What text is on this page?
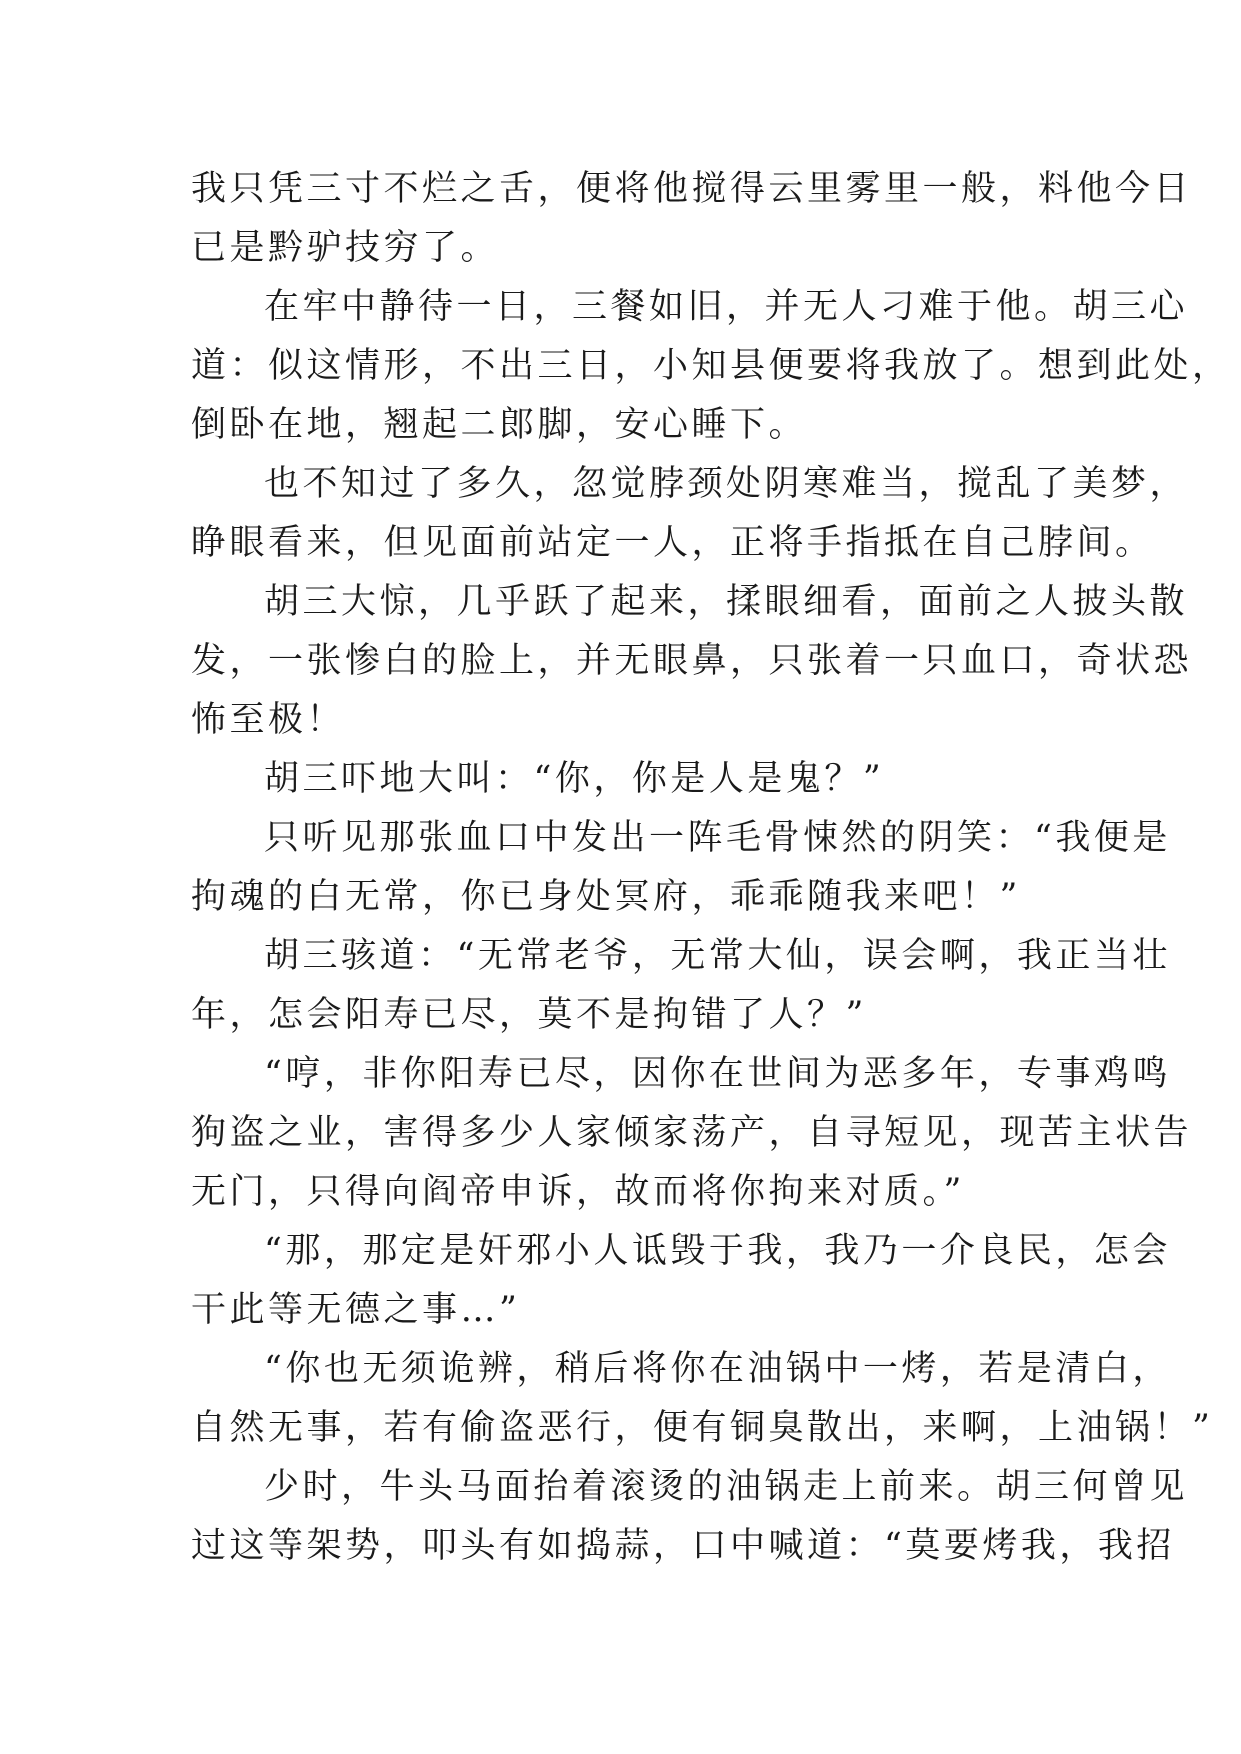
我只凭三寸不烂之舌，便将他搅得云里雾里一般，料他今日
已是黔驴技穷了。
在牢中静待一日，三餐如旧，并无人刁难于他。胡三心
道：似这情形，不出三日，小知县便要将我放了。想到此处，
倒卧在地，翘起二郎脚，安心睡下。
也不知过了多久，忽觉脖颈处阴寒难当，搅乱了美梦，
睁眼看来，但见面前站定一人，正将手指抵在自己脖间。
胡三大惊，几乎跃了起来，揉眼细看，面前之人披头散
发，一张惨白的脸上，并无眼鼻，只张着一只血口，奇状恐
怖至极！
胡三吓地大叫：“你，你是人是鬼？”
只听见那张血口中发出一阵毛骨悚然的阴笑：“我便是
拘魂的白无常，你已身处冥府，乖乖随我来吧！”
胡三骇道：“无常老爷，无常大仙，误会啊，我正当壮
年，怎会阳寿已尽，莫不是拘错了人？”
“哼，非你阳寿已尽，因你在世间为恶多年，专事鸡鸣
狗盗之业，害得多少人家倾家荡产，自寻短见，现苦主状告
无门，只得向阎帝申诉，故而将你拘来对质。”
“那，那定是奸邪小人诋毁于我，我乃一介良民，怎会
干此等无德之事…”
“你也无须诡辨，稍后将你在油锅中一烤，若是清白，
自然无事，若有偷盗恶行，便有铜臭散出，来啊，上油锅！”
少时，牛头马面抬着滚烫的油锅走上前来。胡三何曾见
过这等架势，叩头有如捣蒜，口中喊道：“莫要烤我，我招
